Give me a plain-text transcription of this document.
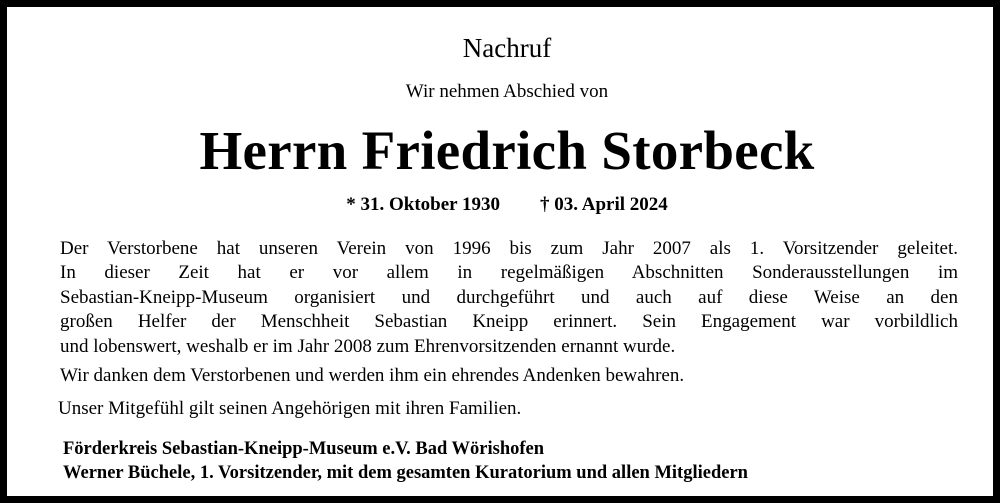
Nachruf
Wir nehmen Abschied von
Herrn Friedrich Storbeck
* 31. Oktober 1930 † 03. April 2024

Der Verstorbene hat unseren Verein von 1996 bis zum Jahr 2007 als 1. Vorsitzender geleitet.
In dieser Zeit hat er vor allem in regelmäßigen Abschnitten Sonderausstellungen im
Sebastian-Kneipp-Museum organisiert und durchgeführt und auch auf diese Weise an den
großen Helfer der Menschheit Sebastian Kneipp erinnert. Sein Engagement war vorbildlich
und lobenswert, weshalb er im Jahr 2008 zum Ehrenvorsitzenden ernannt wurde.

Wir danken dem Verstorbenen und werden ihm ein ehrendes Andenken bewahren.

Unser Mitgefühl gilt seinen Angehörigen mit ihren Familien.

Förderkreis Sebastian-Kneipp-Museum e.V. Bad Wörishofen
Werner Büchele, 1. Vorsitzender, mit dem gesamten Kuratorium und allen Mitgliedern
